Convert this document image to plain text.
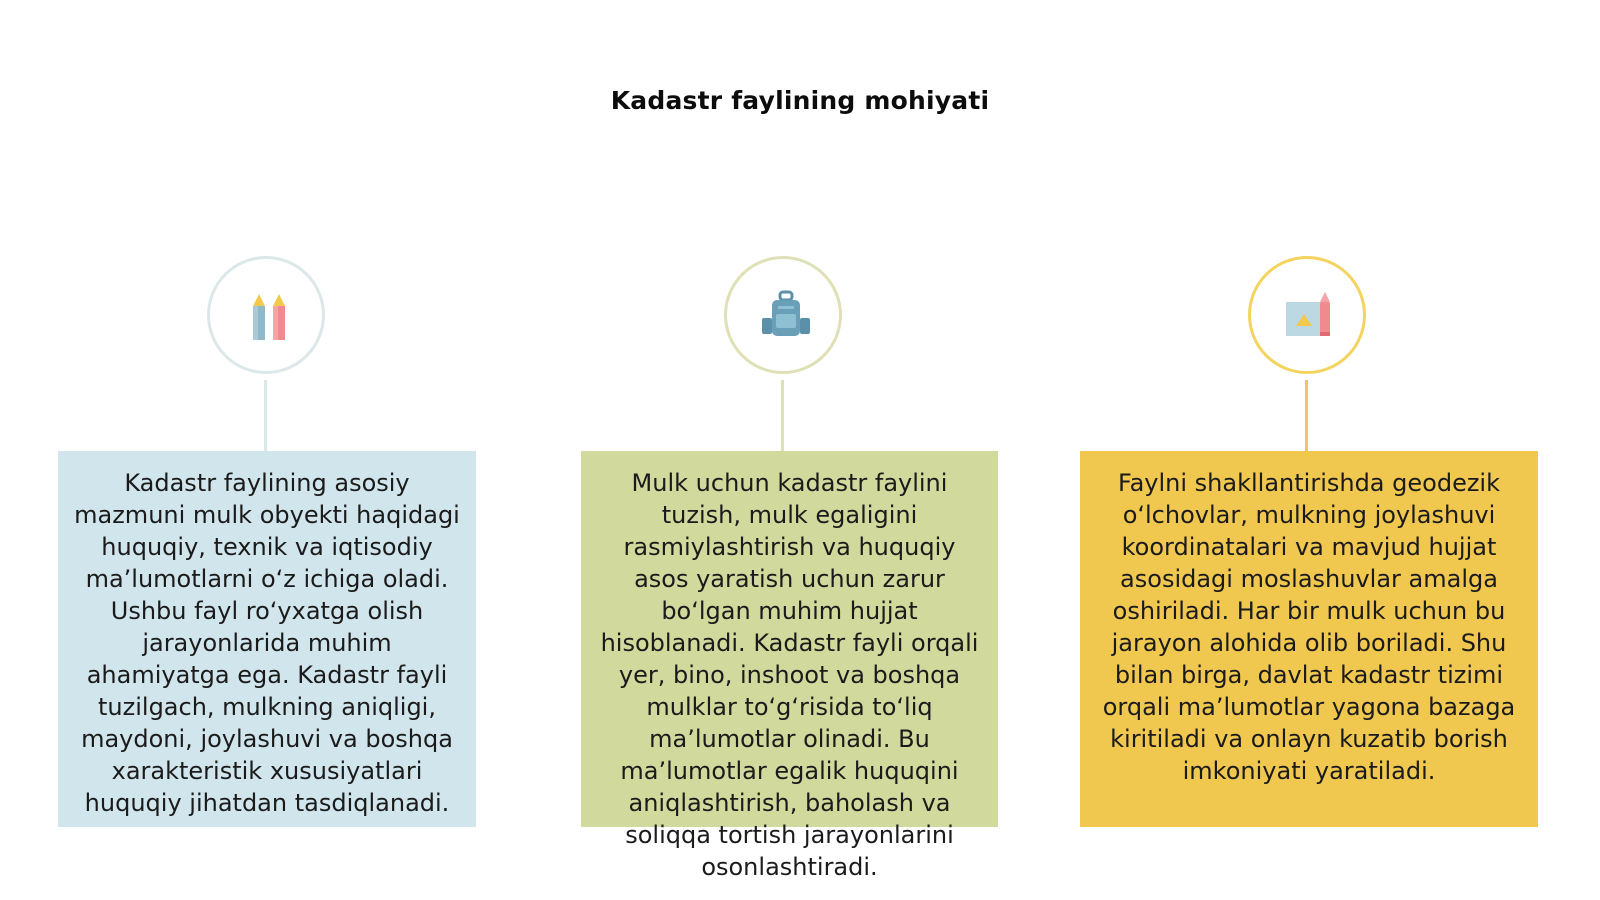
Kadastr faylining mohiyati
Kadastr faylining asosiy mazmuni mulk obyekti haqidagi huquqiy, texnik va iqtisodiy ma’lumotlarni o‘z ichiga oladi. Ushbu fayl ro‘yxatga olish jarayonlarida muhim ahamiyatga ega. Kadastr fayli tuzilgach, mulkning aniqligi, maydoni, joylashuvi va boshqa xarakteristik xususiyatlari huquqiy jihatdan tasdiqlanadi.
Mulk uchun kadastr faylini tuzish, mulk egaligini rasmiylashtirish va huquqiy asos yaratish uchun zarur bo‘lgan muhim hujjat hisoblanadi. Kadastr fayli orqali yer, bino, inshoot va boshqa mulklar to‘g‘risida to‘liq ma’lumotlar olinadi. Bu ma’lumotlar egalik huquqini aniqlashtirish, baholash va soliqqa tortish jarayonlarini osonlashtiradi.
Faylni shakllantirishda geodezik o‘lchovlar, mulkning joylashuvi koordinatalari va mavjud hujjat asosidagi moslashuvlar amalga oshiriladi. Har bir mulk uchun bu jarayon alohida olib boriladi. Shu bilan birga, davlat kadastr tizimi orqali ma’lumotlar yagona bazaga kiritiladi va onlayn kuzatib borish imkoniyati yaratiladi.
